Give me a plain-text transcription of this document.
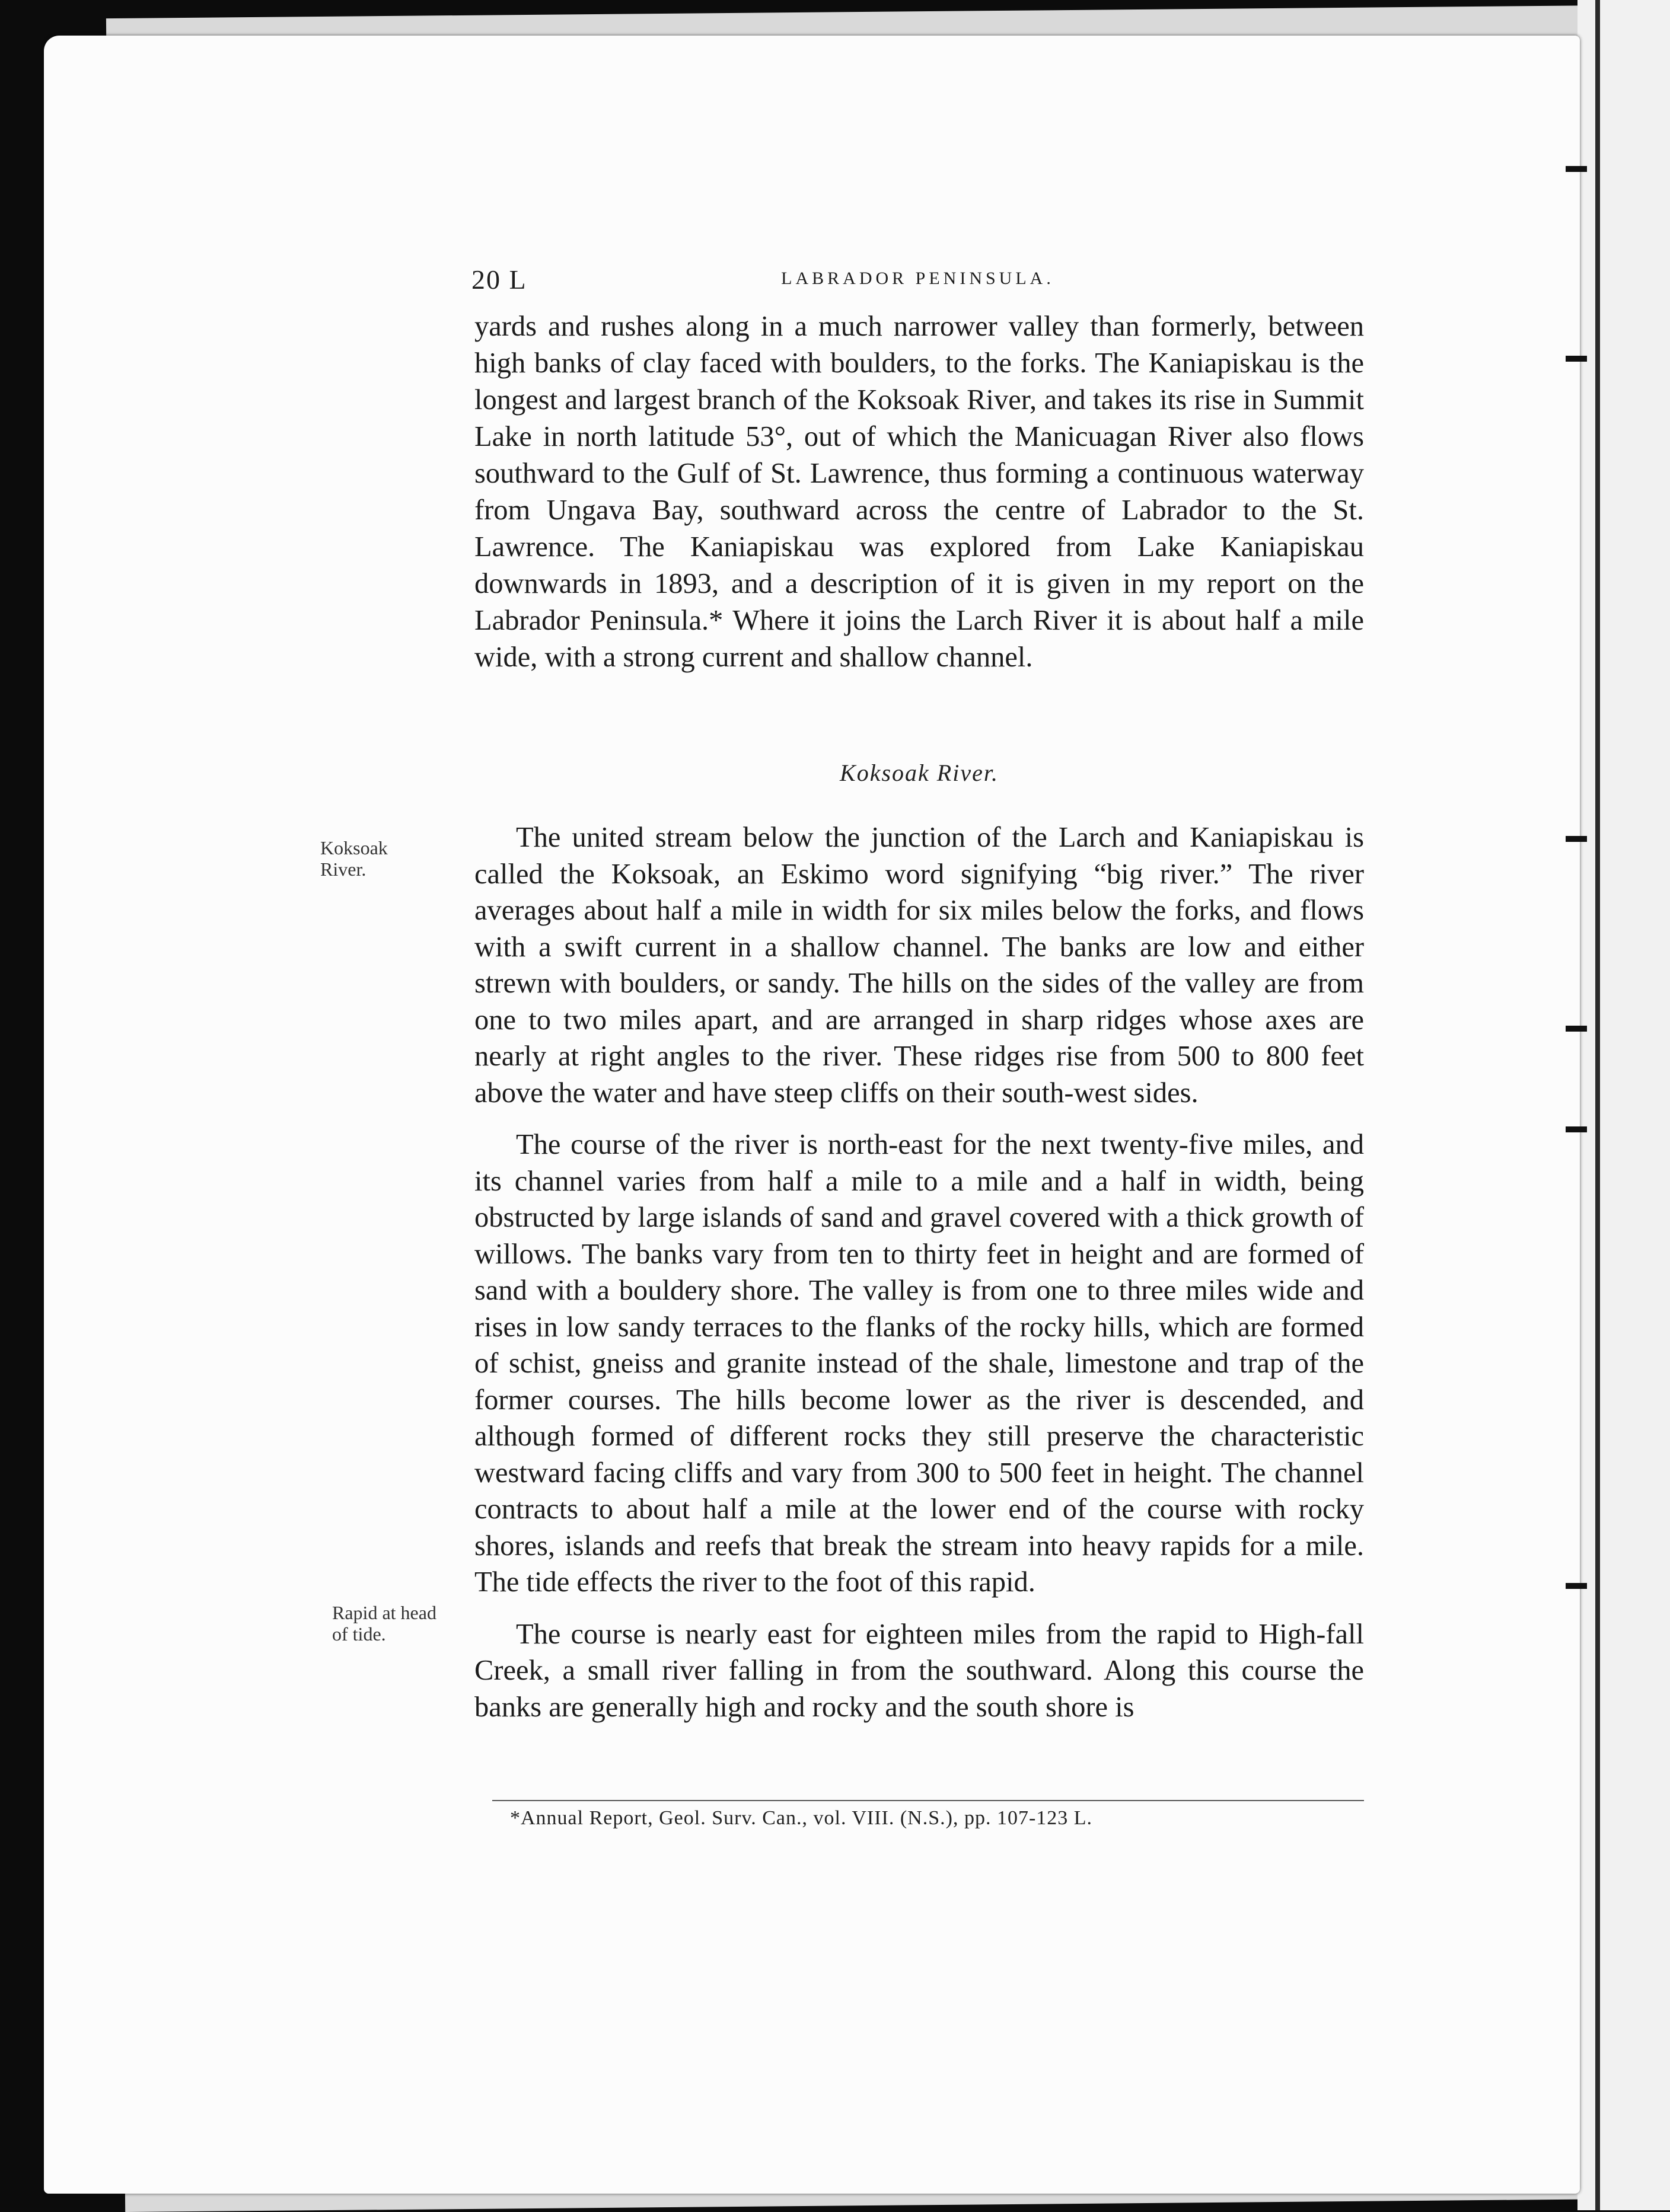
20 L	LABRADOR PENINSULA.

yards and rushes along in a much narrower valley than formerly, between high banks of clay faced with boulders, to the forks. The Kaniapiskau is the longest and largest branch of the Koksoak River, and takes its rise in Summit Lake in north latitude 53°, out of which the Manicuagan River also flows southward to the Gulf of St. Lawrence, thus forming a continuous waterway from Ungava Bay, southward across the centre of Labrador to the St. Lawrence. The Kaniapiskau was explored from Lake Kaniapiskau downwards in 1893, and a description of it is given in my report on the Labrador Peninsula.* Where it joins the Larch River it is about half a mile wide, with a strong current and shallow channel.

Koksoak River.
Koksoak
River.
Rapid at head
of tide.

The united stream below the junction of the Larch and Kaniapiskau is called the Koksoak, an Eskimo word signifying “big river.” The river averages about half a mile in width for six miles below the forks, and flows with a swift current in a shallow channel. The banks are low and either strewn with boulders, or sandy. The hills on the sides of the valley are from one to two miles apart, and are arranged in sharp ridges whose axes are nearly at right angles to the river. These ridges rise from 500 to 800 feet above the water and have steep cliffs on their south-west sides.

The course of the river is north-east for the next twenty-five miles, and its channel varies from half a mile to a mile and a half in width, being obstructed by large islands of sand and gravel covered with a thick growth of willows. The banks vary from ten to thirty feet in height and are formed of sand with a bouldery shore. The valley is from one to three miles wide and rises in low sandy terraces to the flanks of the rocky hills, which are formed of schist, gneiss and granite instead of the shale, limestone and trap of the former courses. The hills become lower as the river is descended, and although formed of different rocks they still preserve the characteristic westward facing cliffs and vary from 300 to 500 feet in height. The channel contracts to about half a mile at the lower end of the course with rocky shores, islands and reefs that break the stream into heavy rapids for a mile. The tide effects the river to the foot of this rapid.

The course is nearly east for eighteen miles from the rapid to High-fall Creek, a small river falling in from the southward. Along this course the banks are generally high and rocky and the south shore is

*Annual Report, Geol. Surv. Can., vol. VIII. (N.S.), pp. 107-123 L.
